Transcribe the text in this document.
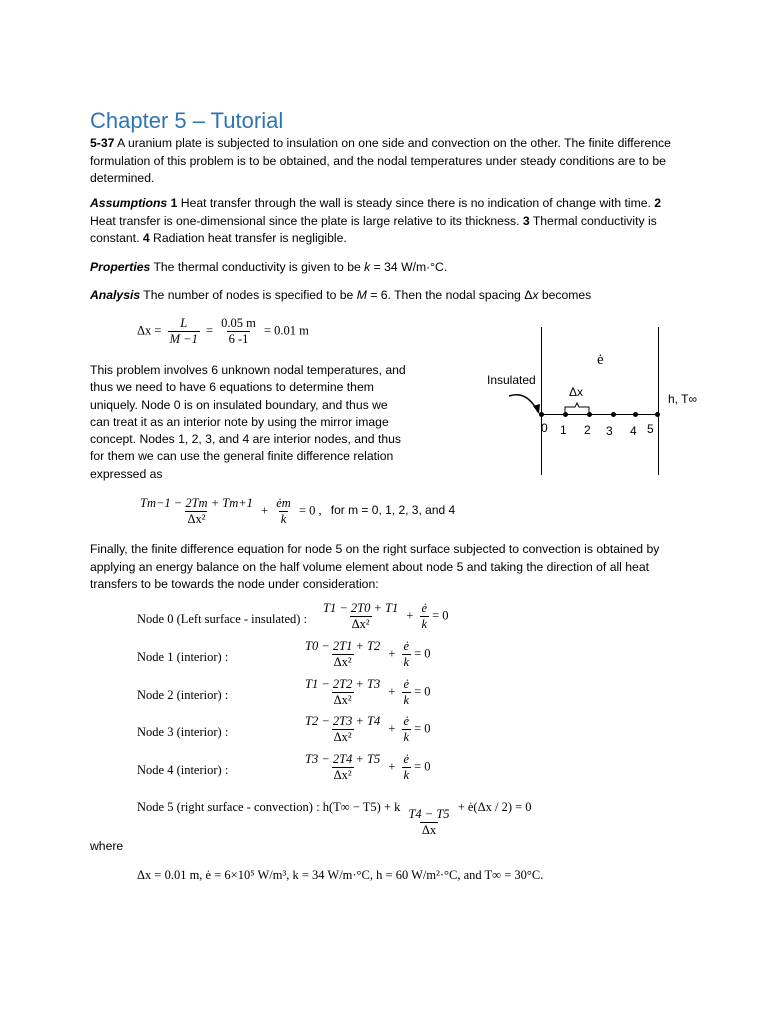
Chapter 5 – Tutorial
5-37 A uranium plate is subjected to insulation on one side and convection on the other. The finite difference formulation of this problem is to be obtained, and the nodal temperatures under steady conditions are to be determined.
Assumptions 1 Heat transfer through the wall is steady since there is no indication of change with time. 2 Heat transfer is one-dimensional since the plate is large relative to its thickness. 3 Thermal conductivity is constant. 4 Radiation heat transfer is negligible.
Properties The thermal conductivity is given to be k = 34 W/m·°C.
Analysis The number of nodes is specified to be M = 6. Then the nodal spacing Δx becomes
$\Delta x = \frac{L}{M -1} = \frac{0.05 m}{6 -1} = 0.01$ m
This problem involves 6 unknown nodal temperatures, and thus we need to have 6 equations to determine them uniquely. Node 0 is on insulated boundary, and thus we can treat it as an interior note by using the mirror image concept. Nodes 1, 2, 3, and 4 are interior nodes, and thus for them we can use the general finite difference relation expressed as
ė
Insulated
Δx	h, T∞
0 1 2 3 4 5
$\frac{Tm-1 - 2Tm + Tm+1}{\text{Δx²}} + \frac{ėm}{k} = 0$ , for m = 0, 1, 2, 3, and 4
Finally, the finite difference equation for node 5 on the right surface subjected to convection is obtained by applying an energy balance on the half volume element about node 5 and taking the direction of all heat transfers to be towards the node under consideration:
Node 0 (Left surface - insulated) : $\frac{T1 - 2T0 + T1}{\text{Δx²}} + \frac{ė}{k} = 0$
Node 1 (interior) :	$\frac{T0 - 2T1 + T2}{\text{Δx²}} + \frac{ė}{k} = 0$
Node 2 (interior) :	$\frac{T1 - 2T2 + T3}{\text{Δx²}} + \frac{ė}{k} = 0$
Node 3 (interior) :	$\frac{T2 - 2T3 + T4}{\text{Δx²}} + \frac{ė}{k} = 0$
Node 4 (interior) :	$\frac{T3 - 2T4 + T5}{\text{Δx²}} + \frac{ė}{k} = 0$
Node 5 (right surface - convection) : h(T∞ − T5) + k $\frac{T4 - T5}{\Delta x}$ + ė(Δx / 2) = 0
where
Δx = 0.01 m, ė = 6×10⁵ W/m³, k = 34 W/m·°C, h = 60 W/m²·°C, and T∞ = 30°C.
